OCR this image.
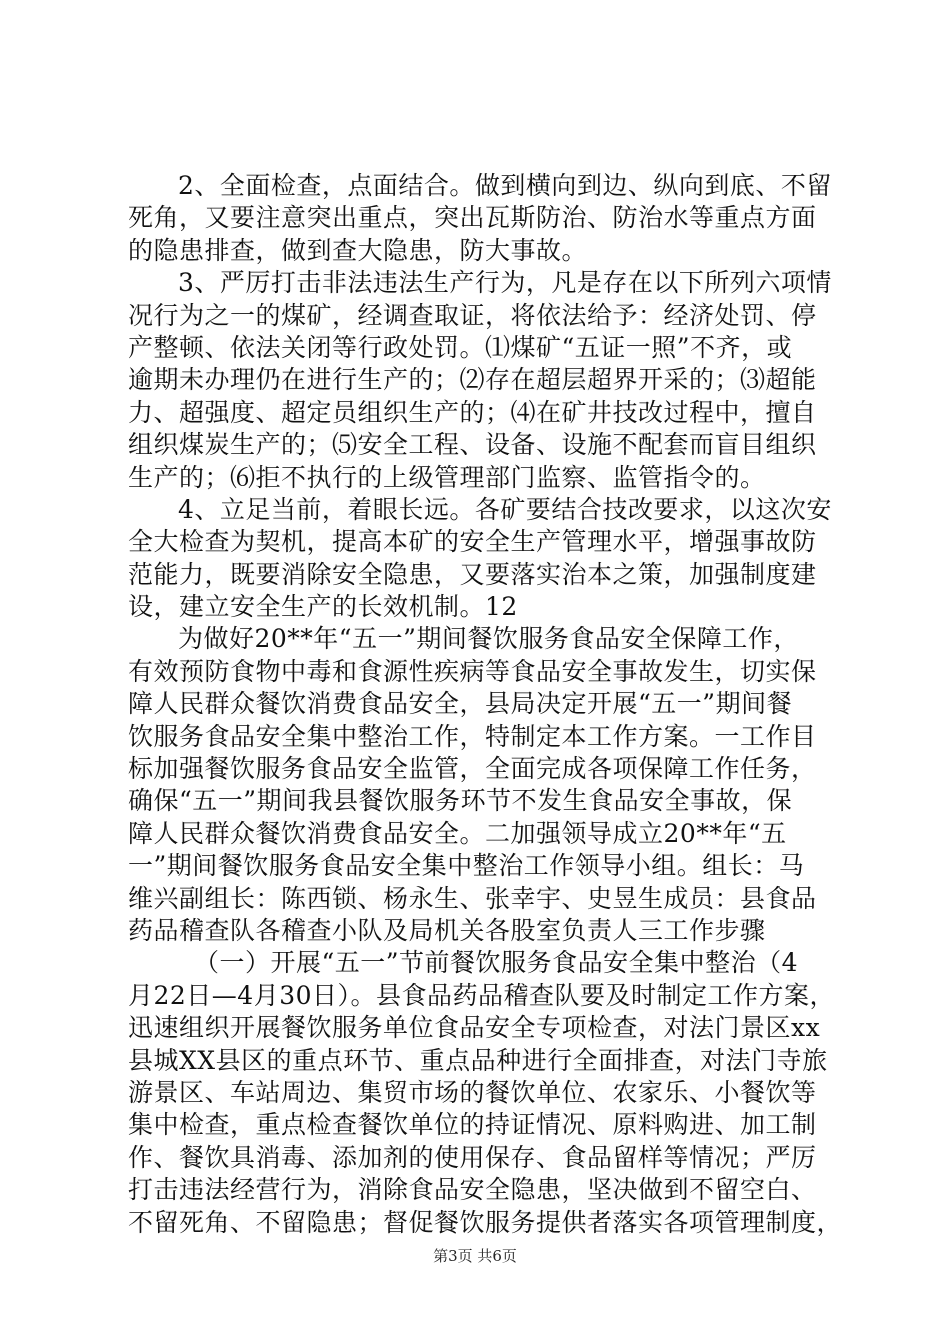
2、全面检查，点面结合。做到横向到边、纵向到底、不留
死角，又要注意突出重点，突出瓦斯防治、防治水等重点方面
的隐患排查，做到查大隐患，防大事故。
3、严厉打击非法违法生产行为，凡是存在以下所列六项情
况行为之一的煤矿，经调查取证，将依法给予：经济处罚、停
产整顿、依法关闭等行政处罚。⑴煤矿“五证一照”不齐，或
逾期未办理仍在进行生产的；⑵存在超层超界开采的；⑶超能
力、超强度、超定员组织生产的；⑷在矿井技改过程中，擅自
组织煤炭生产的；⑸安全工程、设备、设施不配套而盲目组织
生产的；⑹拒不执行的上级管理部门监察、监管指令的。
4、立足当前，着眼长远。各矿要结合技改要求，以这次安
全大检查为契机，提高本矿的安全生产管理水平，增强事故防
范能力，既要消除安全隐患，又要落实治本之策，加强制度建
设，建立安全生产的长效机制。12
为做好20**年“五一”期间餐饮服务食品安全保障工作，
有效预防食物中毒和食源性疾病等食品安全事故发生，切实保
障人民群众餐饮消费食品安全，县局决定开展“五一”期间餐
饮服务食品安全集中整治工作，特制定本工作方案。一工作目
标加强餐饮服务食品安全监管，全面完成各项保障工作任务，
确保“五一”期间我县餐饮服务环节不发生食品安全事故，保
障人民群众餐饮消费食品安全。二加强领导成立20**年“五
一”期间餐饮服务食品安全集中整治工作领导小组。组长：马
维兴副组长：陈西锁、杨永生、张幸宇、史昱生成员：县食品
药品稽查队各稽查小队及局机关各股室负责人三工作步骤
（一）开展“五一”节前餐饮服务食品安全集中整治（4
月22日—4月30日）。县食品药品稽查队要及时制定工作方案，
迅速组织开展餐饮服务单位食品安全专项检查，对法门景区xx
县城XX县区的重点环节、重点品种进行全面排查，对法门寺旅
游景区、车站周边、集贸市场的餐饮单位、农家乐、小餐饮等
集中检查，重点检查餐饮单位的持证情况、原料购进、加工制
作、餐饮具消毒、添加剂的使用保存、食品留样等情况；严厉
打击违法经营行为，消除食品安全隐患，坚决做到不留空白、
不留死角、不留隐患；督促餐饮服务提供者落实各项管理制度，
第3页 共6页
